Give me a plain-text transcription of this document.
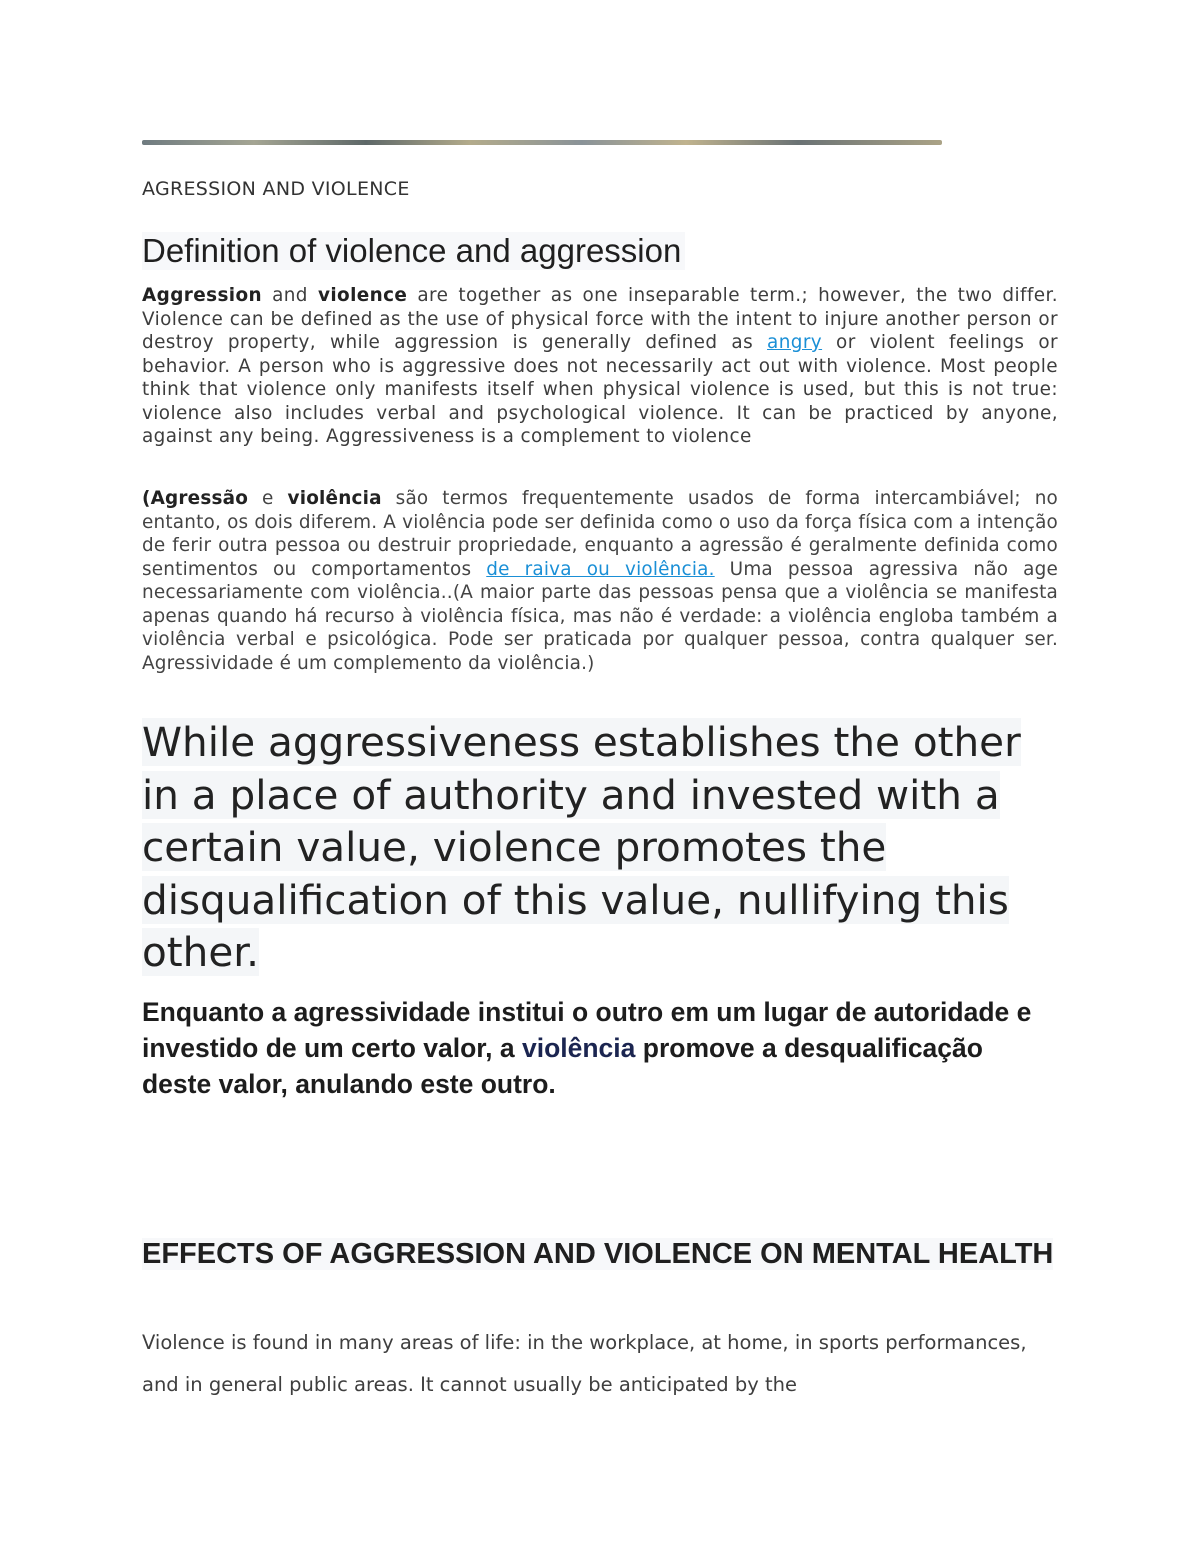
AGRESSION AND VIOLENCE
Definition of violence and aggression
Aggression and violence are together as one inseparable term.; however, the two differ. Violence can be defined as the use of physical force with the intent to injure another person or destroy property, while aggression is generally defined as angry or violent feelings or behavior. A person who is aggressive does not necessarily act out with violence. Most people think that violence only manifests itself when physical violence is used, but this is not true: violence also includes verbal and psychological violence. It can be practiced by anyone, against any being. Aggressiveness is a complement to violence
(Agressão e violência são termos frequentemente usados de forma intercambiável; no entanto, os dois diferem. A violência pode ser definida como o uso da força física com a intenção de ferir outra pessoa ou destruir propriedade, enquanto a agressão é geralmente definida como sentimentos ou comportamentos de raiva ou violência. Uma pessoa agressiva não age necessariamente com violência..(A maior parte das pessoas pensa que a violência se manifesta apenas quando há recurso à violência física, mas não é verdade: a violência engloba também a violência verbal e psicológica. Pode ser praticada por qualquer pessoa, contra qualquer ser. Agressividade é um complemento da violência.)
While aggressiveness establishes the other in a place of authority and invested with a certain value, violence promotes the disqualification of this value, nullifying this other.
Enquanto a agressividade institui o outro em um lugar de autoridade e investido de um certo valor, a violência promove a desqualificação deste valor, anulando este outro.
EFFECTS OF AGGRESSION AND VIOLENCE ON MENTAL HEALTH
Violence is found in many areas of life: in the workplace, at home, in sports performances, and in general public areas. It cannot usually be anticipated by the
